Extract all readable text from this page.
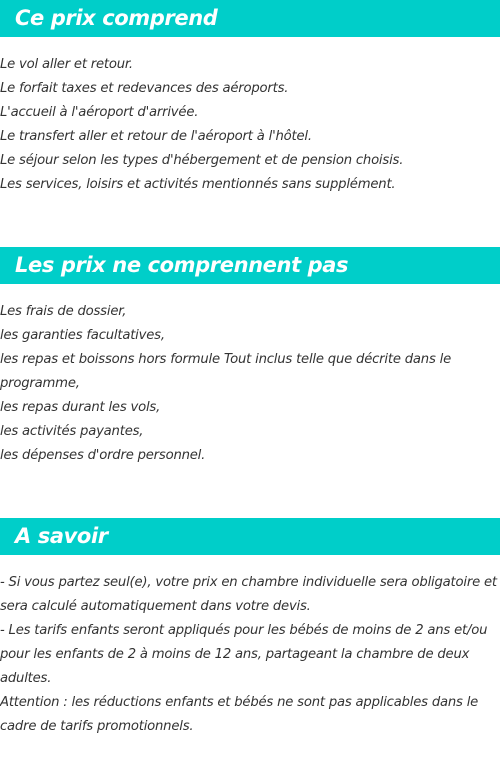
Ce prix comprend

Le vol aller et retour.

Le forfait taxes et redevances des aéroports.

L'accueil à l'aéroport d'arrivée.

Le transfert aller et retour de l'aéroport à l'hôtel.

Le séjour selon les types d'hébergement et de pension choisis.

Les services, loisirs et activités mentionnés sans supplément.

Les prix ne comprennent pas

Les frais de dossier,

les garanties facultatives,

les repas et boissons hors formule Tout inclus telle que décrite dans le programme,

les repas durant les vols,

les activités payantes,

les dépenses d'ordre personnel.

A savoir

- Si vous partez seul(e), votre prix en chambre individuelle sera obligatoire et sera calculé automatiquement dans votre devis.

- Les tarifs enfants seront appliqués pour les bébés de moins de 2 ans et/ou pour les enfants de 2 à moins de 12 ans, partageant la chambre de deux adultes.

Attention : les réductions enfants et bébés ne sont pas applicables dans le cadre de tarifs promotionnels.
